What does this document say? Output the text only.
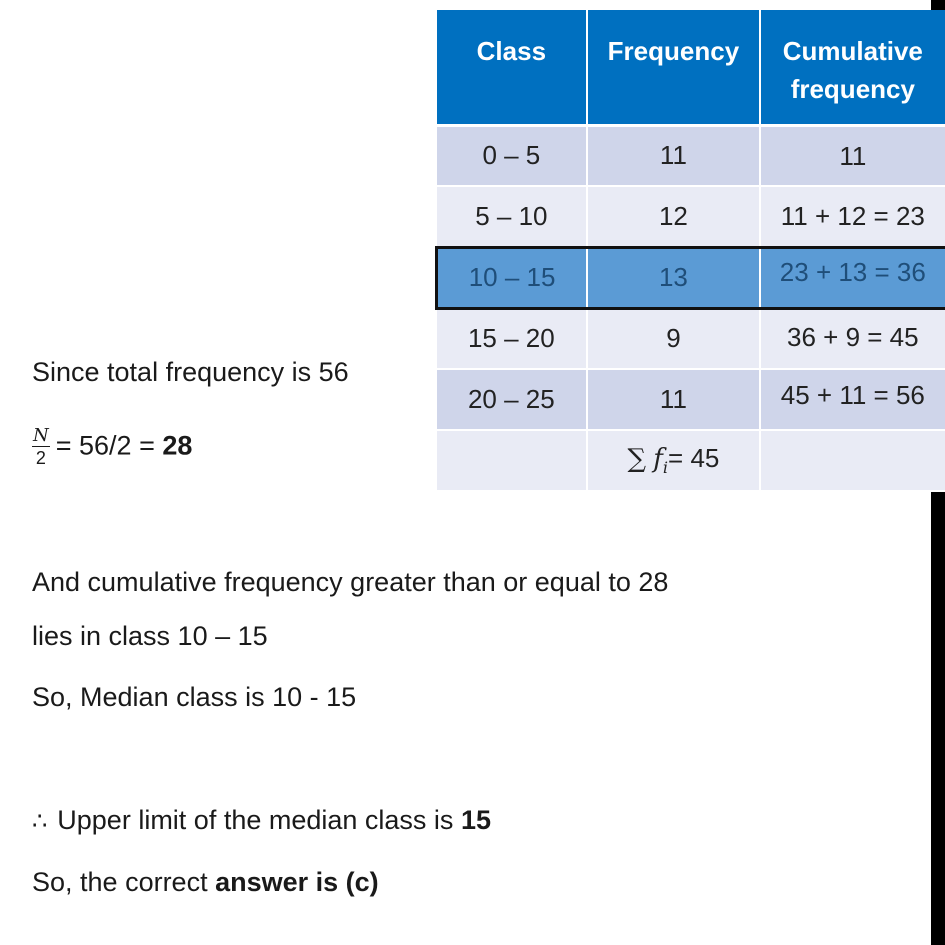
Class	Frequency	Cumulative
frequency
0 – 5	11	11
5 – 10	12	11 + 12 = 23
10 – 15	13	23 + 13 = 36
15 – 20	9	36 + 9 = 45
20 – 25	11	45 + 11 = 56
	∑ $f_i= 45$	
Since total frequency is 56
$\frac{N}{2} = 56/2 = 28$
And cumulative frequency greater than or equal to 28
lies in class 10 – 15
So, Median class is 10 - 15
∴ Upper limit of the median class is 15
So, the correct answer is (c)
